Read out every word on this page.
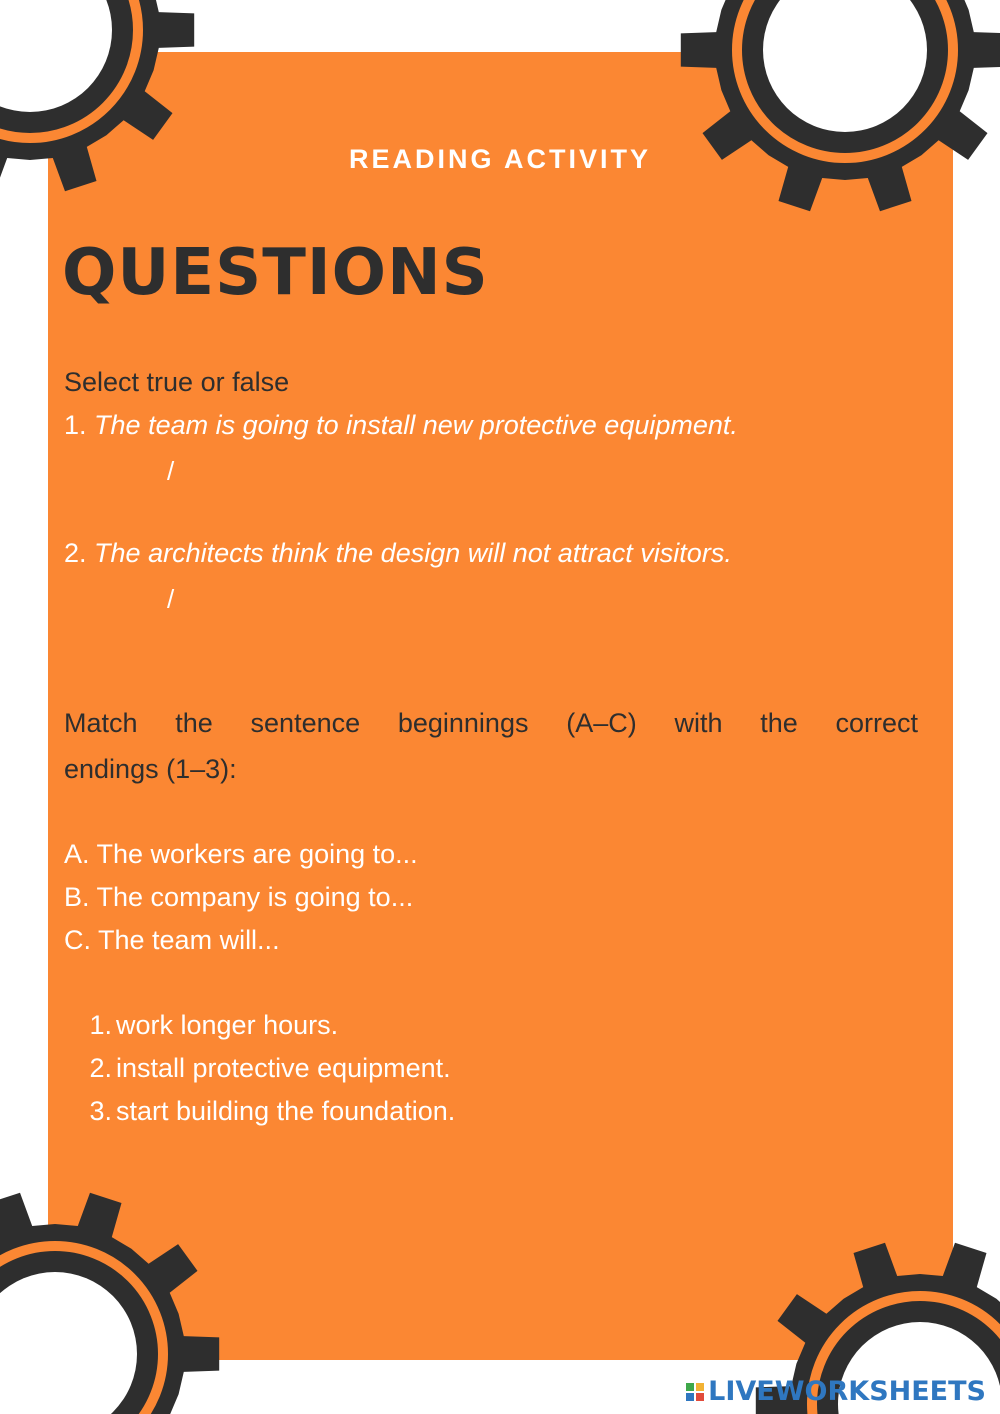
READING ACTIVITY
QUESTIONS
Select true or false
1. The team is going to install new protective equipment.
/
2. The architects think the design will not attract visitors.
/
Match the sentence beginnings (A–C) with the correct
endings (1–3):
A. The workers are going to...
B. The company is going to...
C. The team will...
1. work longer hours.
2. install protective equipment.
3. start building the foundation.
LIVEWORKSHEETS
